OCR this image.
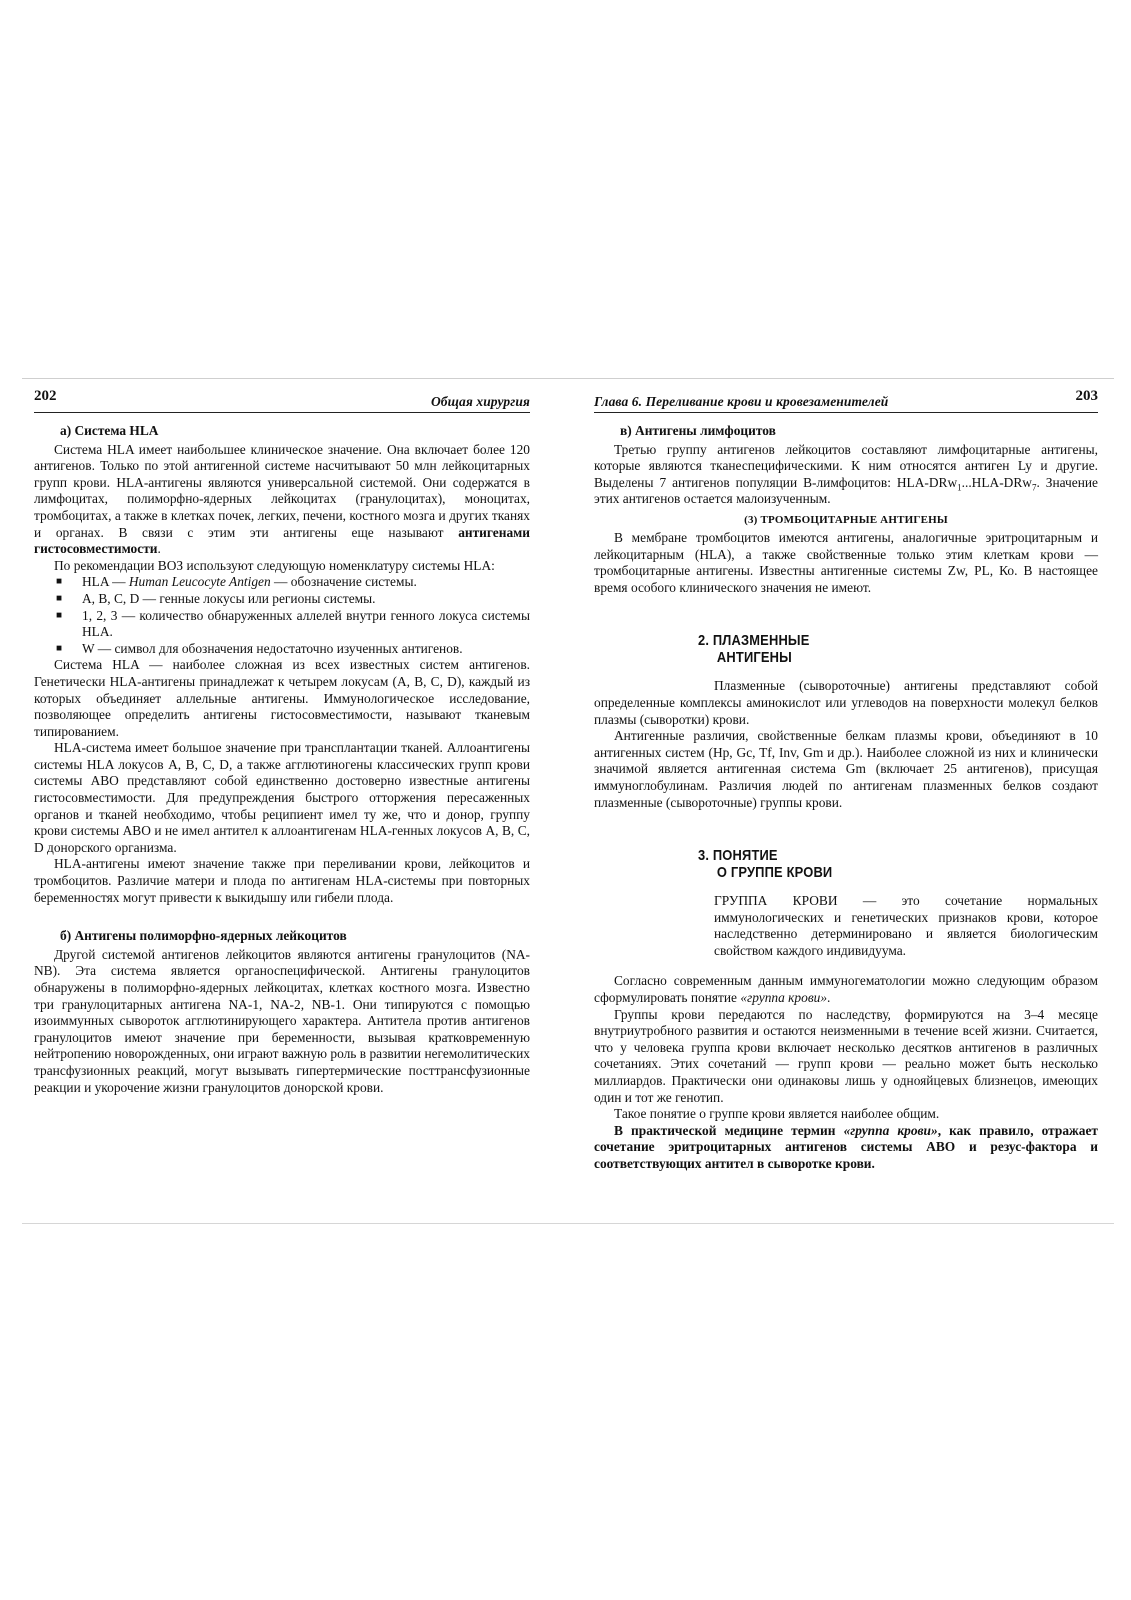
202	Общая хирургия
а) Система HLA

Система HLA имеет наибольшее клиническое значение. Она включает более 120 антигенов. Только по этой антигенной системе насчитывают 50 млн лейкоцитарных групп крови. HLA-антигены являются универсальной системой. Они содержатся в лимфоцитах, полиморфно-ядерных лейкоцитах (гранулоцитах), моноцитах, тромбоцитах, а также в клетках почек, легких, печени, костного мозга и других тканях и органах. В связи с этим эти антигены еще называют антигенами гистосовместимости.

По рекомендации ВОЗ используют следующую номенклатуру системы HLA:

■ HLA — Human Leucocyte Antigen — обозначение системы.
■ А, В, С, D — генные локусы или регионы системы.
■ 1, 2, 3 — количество обнаруженных аллелей внутри генного локуса системы HLA.
■ W — символ для обозначения недостаточно изученных антигенов.

Система HLA — наиболее сложная из всех известных систем антигенов. Генетически HLA-антигены принадлежат к четырем локусам (А, В, С, D), каждый из которых объединяет аллельные антигены. Иммунологическое исследование, позволяющее определить антигены гистосовместимости, называют тканевым типированием.

HLA-система имеет большое значение при трансплантации тканей. Аллоантигены системы HLA локусов А, В, С, D, а также агглютиногены классических групп крови системы АВО представляют собой единственно достоверно известные антигены гистосовместимости. Для предупреждения быстрого отторжения пересаженных органов и тканей необходимо, чтобы реципиент имел ту же, что и донор, группу крови системы АВО и не имел антител к аллоантигенам HLA-генных локусов А, В, С, D донорского организма.

HLA-антигены имеют значение также при переливании крови, лейкоцитов и тромбоцитов. Различие матери и плода по антигенам HLA-системы при повторных беременностях могут привести к выкидышу или гибели плода.

б) Антигены полиморфно-ядерных лейкоцитов

Другой системой антигенов лейкоцитов являются антигены гранулоцитов (NA-NB). Эта система является органоспецифической. Антигены гранулоцитов обнаружены в полиморфно-ядерных лейкоцитах, клетках костного мозга. Известно три гранулоцитарных антигена NA-1, NA-2, NB-1. Они типируются с помощью изоиммунных сывороток агглютинирующего характера. Антитела против антигенов гранулоцитов имеют значение при беременности, вызывая кратковременную нейтропению новорожденных, они играют важную роль в развитии негемолитических трансфузионных реакций, могут вызывать гипертермические посттрансфузионные реакции и укорочение жизни гранулоцитов донорской крови.

Глава 6. Переливание крови и кровезаменителей	203
в) Антигены лимфоцитов

Третью группу антигенов лейкоцитов составляют лимфоцитарные антигены, которые являются тканеспецифическими. К ним относятся антиген Ly и другие. Выделены 7 антигенов популяции В-лимфоцитов: HLA-DRw$_1$...HLA-DRw$_7$. Значение этих антигенов остается малоизученным.

(3) ТРОМБОЦИТАРНЫЕ АНТИГЕНЫ

В мембране тромбоцитов имеются антигены, аналогичные эритроцитарным и лейкоцитарным (HLA), а также свойственные только этим клеткам крови — тромбоцитарные антигены. Известны антигенные системы Zw, PL, Ко. В настоящее время особого клинического значения не имеют.

2. ПЛАЗМЕННЫЕ
АНТИГЕНЫ

Плазменные (сывороточные) антигены представляют собой определенные комплексы аминокислот или углеводов на поверхности молекул белков плазмы (сыворотки) крови.

Антигенные различия, свойственные белкам плазмы крови, объединяют в 10 антигенных систем (Нр, Gc, Tf, Inv, Gm и др.). Наиболее сложной из них и клинически значимой является антигенная система Gm (включает 25 антигенов), присущая иммуноглобулинам. Различия людей по антигенам плазменных белков создают плазменные (сывороточные) группы крови.

3. ПОНЯТИЕ
О ГРУППЕ КРОВИ

ГРУППА КРОВИ — это сочетание нормальных иммунологических и генетических признаков крови, которое наследственно детерминировано и является биологическим свойством каждого индивидуума.

Согласно современным данным иммуногематологии можно следующим образом сформулировать понятие «группа крови».

Группы крови передаются по наследству, формируются на 3–4 месяце внутриутробного развития и остаются неизменными в течение всей жизни. Считается, что у человека группа крови включает несколько десятков антигенов в различных сочетаниях. Этих сочетаний — групп крови — реально может быть несколько миллиардов. Практически они одинаковы лишь у однояйцевых близнецов, имеющих один и тот же генотип.

Такое понятие о группе крови является наиболее общим.

В практической медицине термин «группа крови», как правило, отражает сочетание эритроцитарных антигенов системы АВО и резус-фактора и соответствующих антител в сыворотке крови.
